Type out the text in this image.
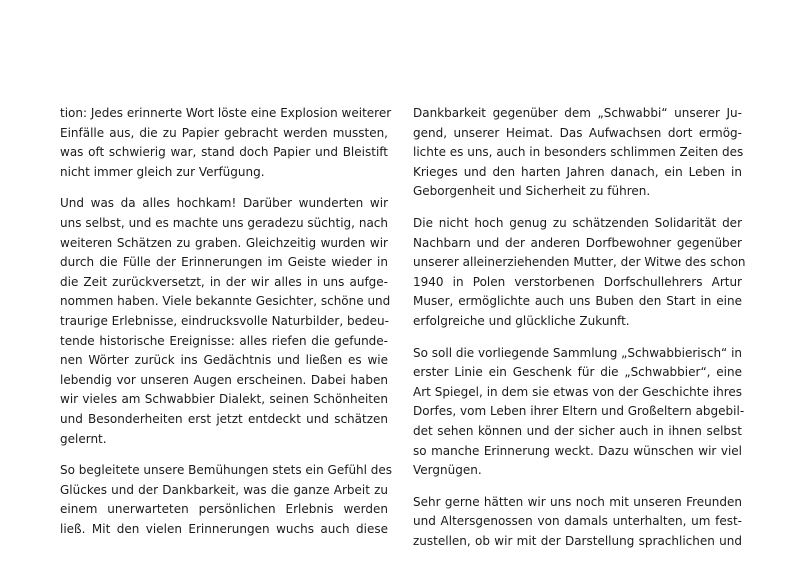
tion: Jedes erinnerte Wort löste eine Explosion weiterer
Einfälle aus, die zu Papier gebracht werden mussten,
was oft schwierig war, stand doch Papier und Bleistift
nicht immer gleich zur Verfügung.
Und was da alles hochkam! Darüber wunderten wir
uns selbst, und es machte uns geradezu süchtig, nach
weiteren Schätzen zu graben. Gleichzeitig wurden wir
durch die Fülle der Erinnerungen im Geiste wieder in
die Zeit zurückversetzt, in der wir alles in uns aufge-
nommen haben. Viele bekannte Gesichter, schöne und
traurige Erlebnisse, eindrucksvolle Naturbilder, bedeu-
tende historische Ereignisse: alles riefen die gefunde-
nen Wörter zurück ins Gedächtnis und ließen es wie
lebendig vor unseren Augen erscheinen. Dabei haben
wir vieles am Schwabbier Dialekt, seinen Schönheiten
und Besonderheiten erst jetzt entdeckt und schätzen
gelernt.
So begleitete unsere Bemühungen stets ein Gefühl des
Glückes und der Dankbarkeit, was die ganze Arbeit zu
einem unerwarteten persönlichen Erlebnis werden
ließ. Mit den vielen Erinnerungen wuchs auch diese
Dankbarkeit gegenüber dem „Schwabbi“ unserer Ju-
gend, unserer Heimat. Das Aufwachsen dort ermög-
lichte es uns, auch in besonders schlimmen Zeiten des
Krieges und den harten Jahren danach, ein Leben in
Geborgenheit und Sicherheit zu führen.
Die nicht hoch genug zu schätzenden Solidarität der
Nachbarn und der anderen Dorfbewohner gegenüber
unserer alleinerziehenden Mutter, der Witwe des schon
1940 in Polen verstorbenen Dorfschullehrers Artur
Muser, ermöglichte auch uns Buben den Start in eine
erfolgreiche und glückliche Zukunft.
So soll die vorliegende Sammlung „Schwabbierisch“ in
erster Linie ein Geschenk für die „Schwabbier“, eine
Art Spiegel, in dem sie etwas von der Geschichte ihres
Dorfes, vom Leben ihrer Eltern und Großeltern abgebil-
det sehen können und der sicher auch in ihnen selbst
so manche Erinnerung weckt. Dazu wünschen wir viel
Vergnügen.
Sehr gerne hätten wir uns noch mit unseren Freunden
und Altersgenossen von damals unterhalten, um fest-
zustellen, ob wir mit der Darstellung sprachlichen und
